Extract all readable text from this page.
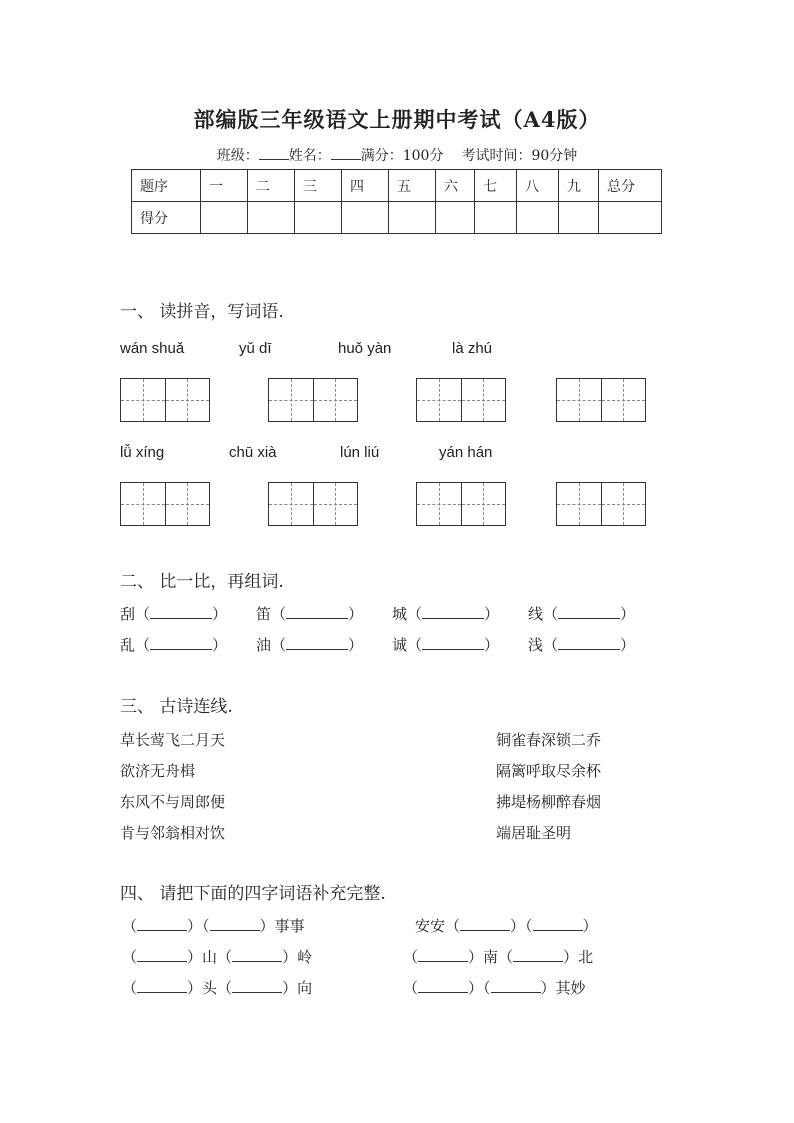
部编版三年级语文上册期中考试（A4版）
班级： 姓名： 满分：100分 考试时间：90分钟
题序	一	二	三	四	五	六	七	八	九	总分
得分										
一、 读拼音，写词语.
wán shuǎ	yǔ dī	huǒ yàn	là zhú
lǚ xíng	chū xià	lún liú	yán hán
二、 比一比，再组词.
刮（	） 笛（	） 城（	） 线（	）
乱（	） 油（	） 诚（	） 浅（	）
三、 古诗连线.
草长莺飞二月天
欲济无舟楫
东风不与周郎便
肯与邻翁相对饮
铜雀春深锁二乔
隔篱呼取尽余杯
拂堤杨柳醉春烟
端居耻圣明
四、 请把下面的四字词语补充完整.
（	）（	）事事
（	）山（	）岭
（	）头（	）向
安安（	）（	）
（	）南（	）北
（	）（	）其妙
